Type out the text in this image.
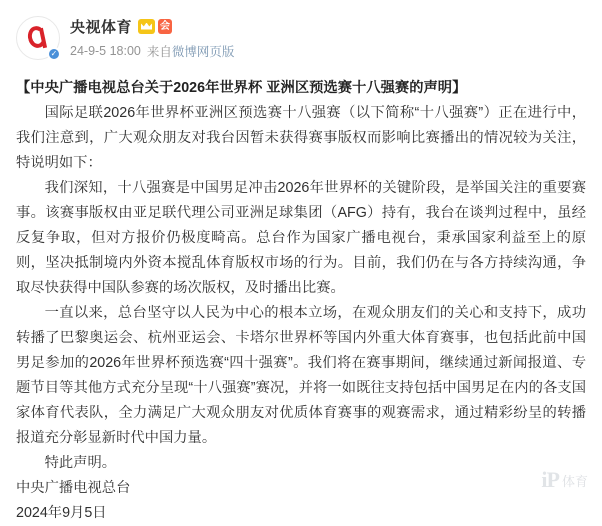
✓
央视体育	会
24-9-5 18:00 来自 微博网页版

【中央广播电视总台关于2026年世界杯 亚洲区预选赛十八强赛的声明】

国际足联2026年世界杯亚洲区预选赛十八强赛（以下简称“十八强赛”）正在进行中，我们注意到，广大观众朋友对我台因暂未获得赛事版权而影响比赛播出的情况较为关注，特说明如下：

我们深知，十八强赛是中国男足冲击2026年世界杯的关键阶段，是举国关注的重要赛事。该赛事版权由亚足联代理公司亚洲足球集团（AFG）持有，我台在谈判过程中，虽经反复争取，但对方报价仍极度畸高。总台作为国家广播电视台，秉承国家利益至上的原则，坚决抵制境内外资本搅乱体育版权市场的行为。目前，我们仍在与各方持续沟通，争取尽快获得中国队参赛的场次版权，及时播出比赛。

一直以来，总台坚守以人民为中心的根本立场，在观众朋友们的关心和支持下，成功转播了巴黎奥运会、杭州亚运会、卡塔尔世界杯等国内外重大体育赛事，也包括此前中国男足参加的2026年世界杯预选赛“四十强赛”。我们将在赛事期间，继续通过新闻报道、专题节目等其他方式充分呈现“十八强赛”赛况，并将一如既往支持包括中国男足在内的各支国家体育代表队，全力满足广大观众朋友对优质体育赛事的观赛需求，通过精彩纷呈的转播报道充分彰显新时代中国力量。

特此声明。

中央广播电视总台

2024年9月5日

iP 体育
